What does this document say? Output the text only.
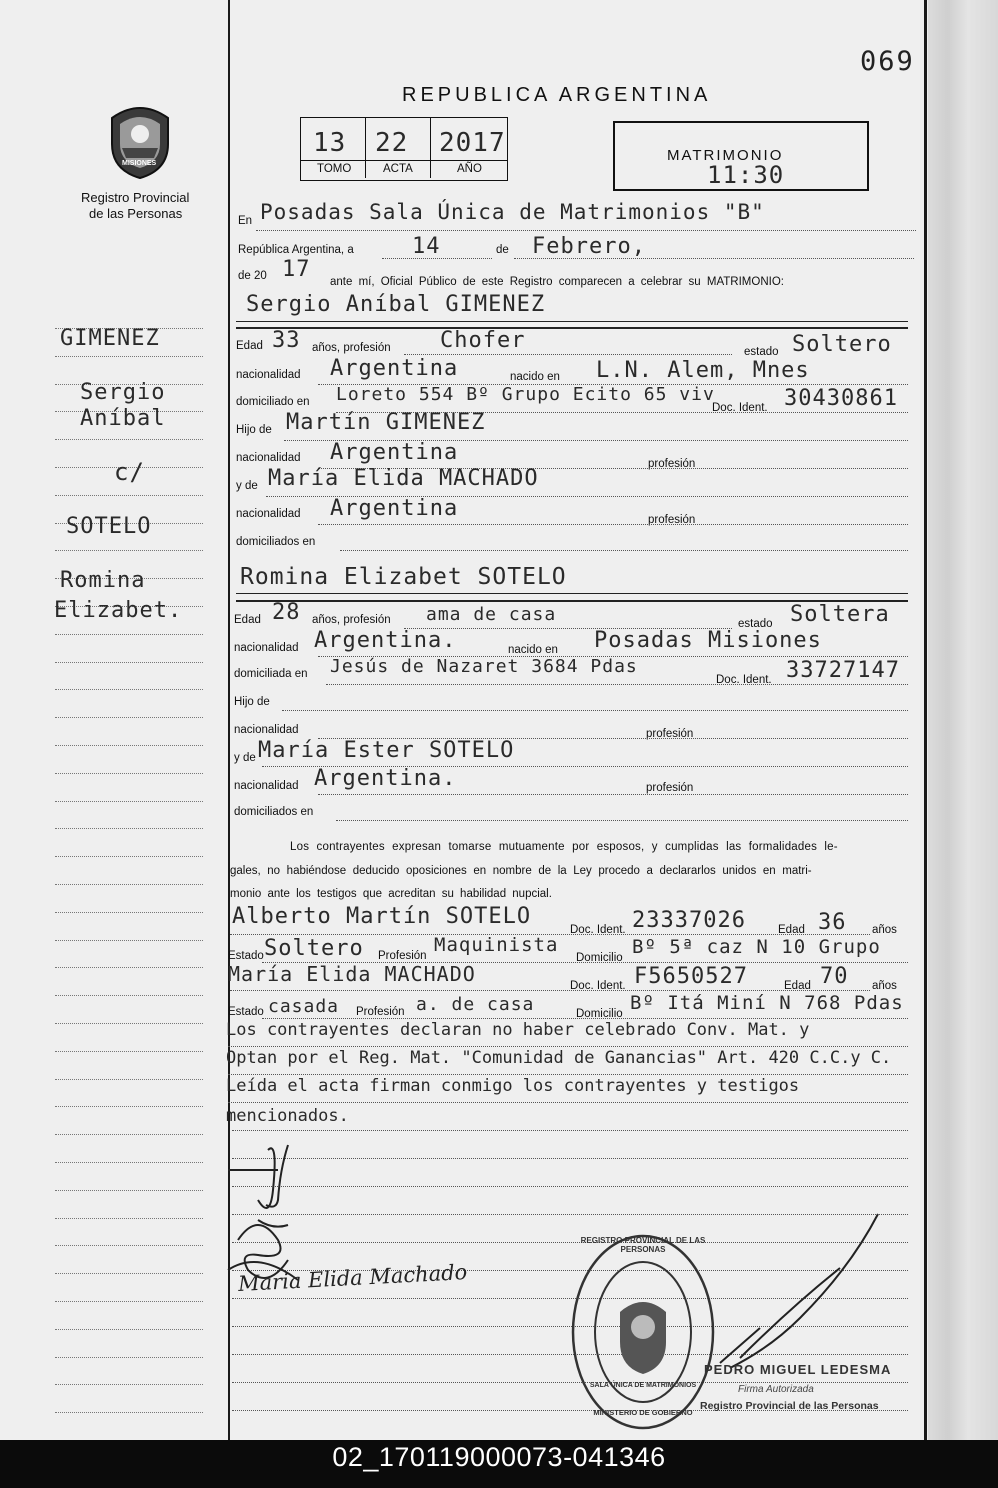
069
REPUBLICA ARGENTINA
MISIONES
Registro Provincial
de las Personas
13
TOMO
22
ACTA
2017
AÑO
MATRIMONIO
11:30
GIMENEZ
Sergio
Aníbal
c/
SOTELO
Romina
Elizabet.
En Posadas Sala Única de Matrimonios "B"
República Argentina, a	14	de Febrero,
de 20 17 ante mí, Oficial Público de este Registro comparecen a celebrar su MATRIMONIO:
Sergio Aníbal GIMENEZ
Edad 33 años, profesión Chofer	estado Soltero
nacionalidad Argentina	nacido en L.N. Alem, Mnes
domiciliado en Loreto 554 Bº Grupo Ecito 65 viv
Doc. Ident. 30430861
Hijo de Martín GIMENEZ
nacionalidad Argentina	profesión
y de María Elida MACHADO
nacionalidad Argentina	profesión
domiciliados en
Romina Elizabet SOTELO
Edad 28 años, profesión ama de casa	estado Soltera
nacionalidad Argentina.	nacido en Posadas Misiones
domiciliada en Jesús de Nazaret 3684 Pdas
Doc. Ident. 33727147
Hijo de
nacionalidad	profesión
y de María Ester SOTELO
nacionalidad Argentina.	profesión
domiciliados en
Los contrayentes expresan tomarse mutuamente por esposos, y cumplidas las formalidades le-
gales, no habiéndose deducido oposiciones en nombre de la Ley procedo a declararlos unidos en matri-
monio ante los testigos que acreditan su habilidad nupcial.
Alberto Martín SOTELO
Doc. Ident. 23337026	Edad 36 años
Estado Soltero Profesión Maquinista
Domicilio Bº 5ª caz N 10 Grupo
María Elida MACHADO	Doc. Ident. F5650527	Edad 70 años
Estado casada Profesión a. de casa	Domicilio Bº Itá Miní N 768 Pdas
Los contrayentes declaran no haber celebrado Conv. Mat. y
Optan por el Reg. Mat. "Comunidad de Ganancias" Art. 420 C.C.y C.
Leída el acta firman conmigo los contrayentes y testigos
mencionados.
Maria Elida Machado
REGISTRO PROVINCIAL DE LAS PERSONAS
SALA ÚNICA DE MATRIMONIOS
MINISTERIO DE GOBIERNO
PEDRO MIGUEL LEDESMA
Firma Autorizada
Registro Provincial de las Personas
02_170119000073-041346
